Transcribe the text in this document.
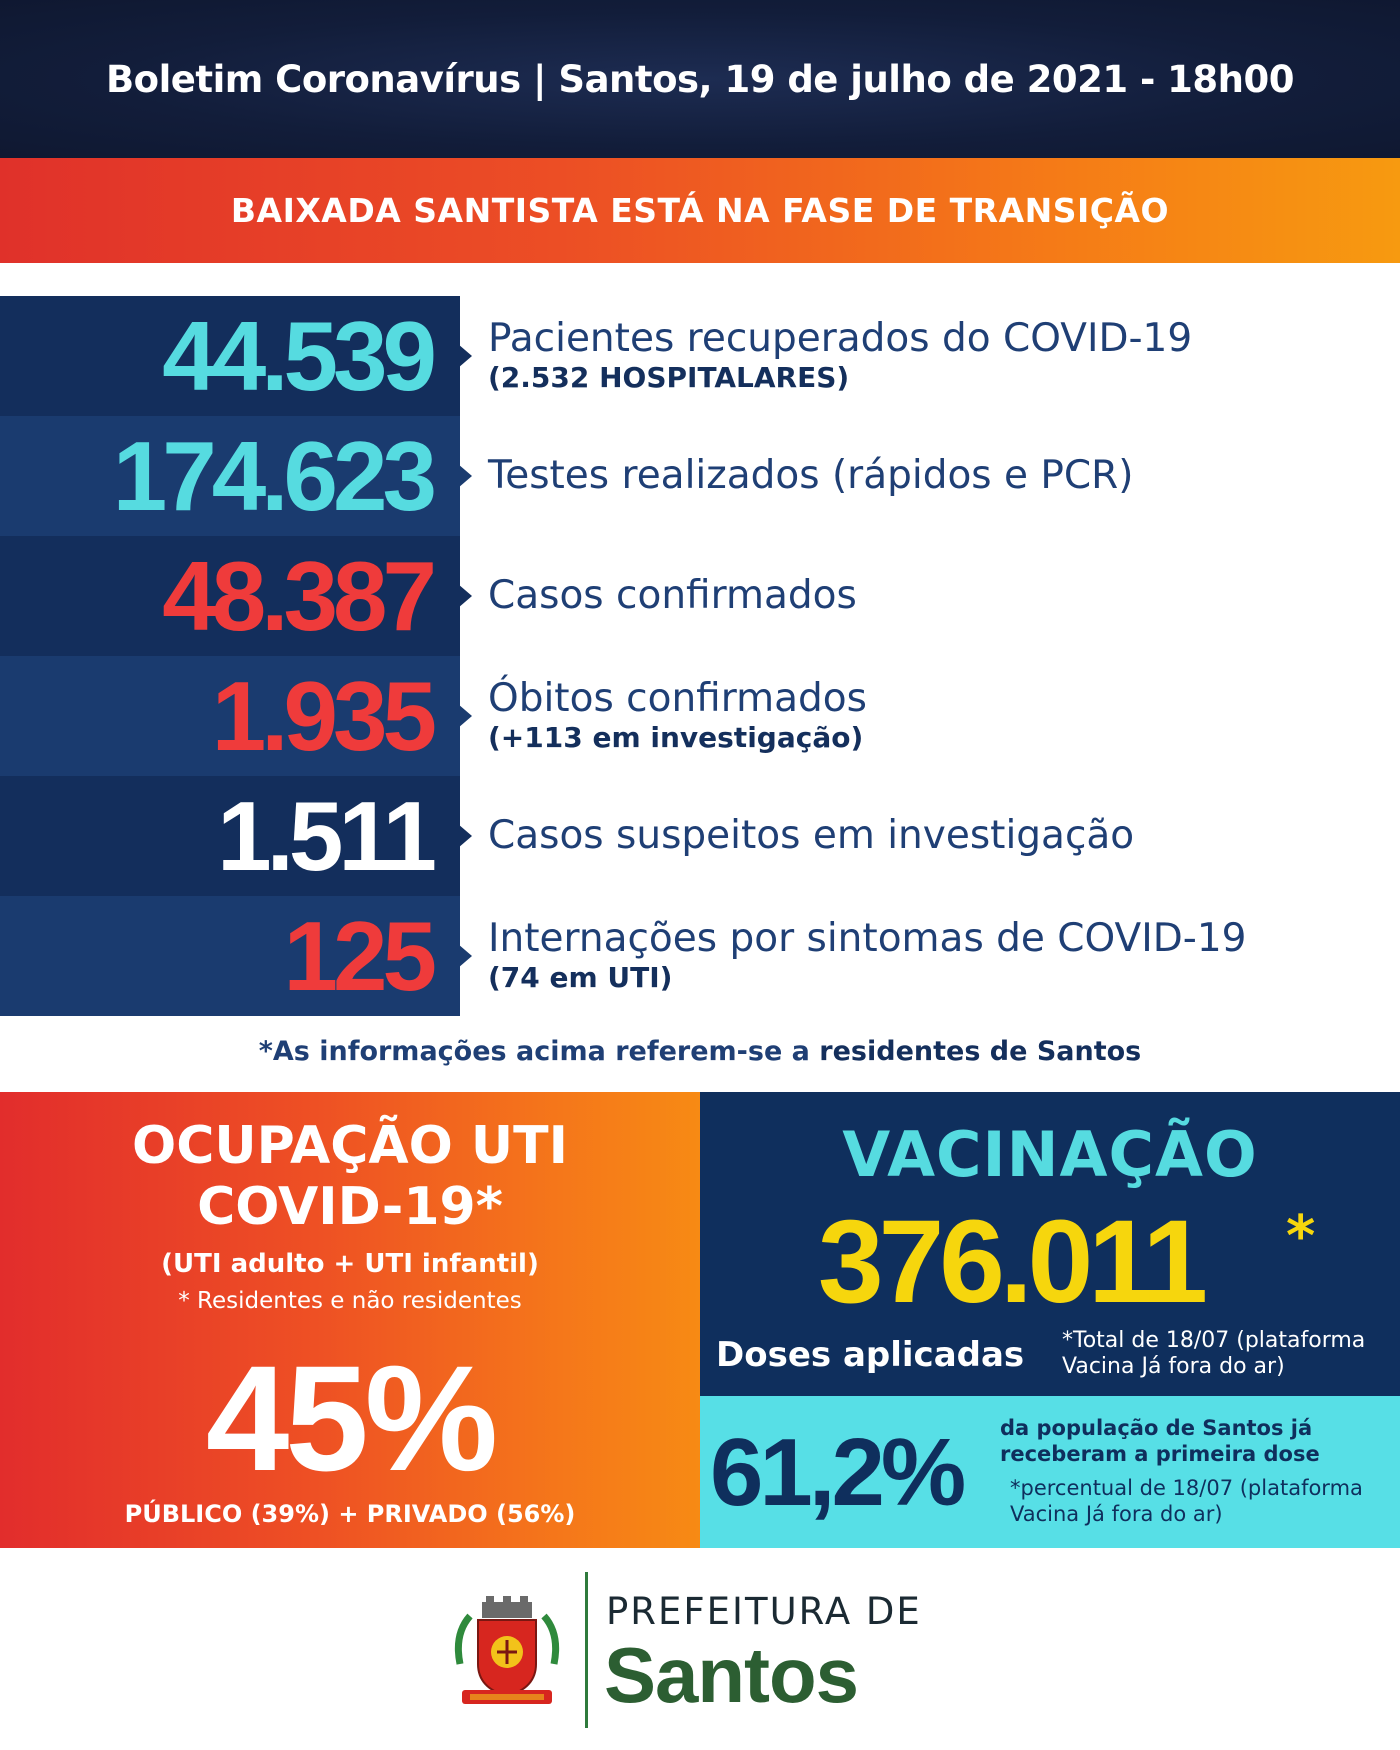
Boletim Coronavírus | Santos, 19 de julho de 2021 - 18h00
BAIXADA SANTISTA ESTÁ NA FASE DE TRANSIÇÃO
44.539 Pacientes recuperados do COVID-19
(2.532 HOSPITALARES)
174.623 Testes realizados (rápidos e PCR)
48.387 Casos confirmados
1.935 Óbitos confirmados
(+113 em investigação)
1.511 Casos suspeitos em investigação
125 Internações por sintomas de COVID-19
(74 em UTI)
*As informações acima referem-se a residentes de Santos
OCUPAÇÃO UTI
COVID-19*
(UTI adulto + UTI infantil)
* Residentes e não residentes
45%
PÚBLICO (39%) + PRIVADO (56%)
VACINAÇÃO
376.011 *
Doses aplicadas *Total de 18/07 (plataforma Vacina Já fora do ar)
61,2% da população de Santos já receberam a primeira dose
*percentual de 18/07 (plataforma Vacina Já fora do ar)
PREFEITURA DE
Santos
